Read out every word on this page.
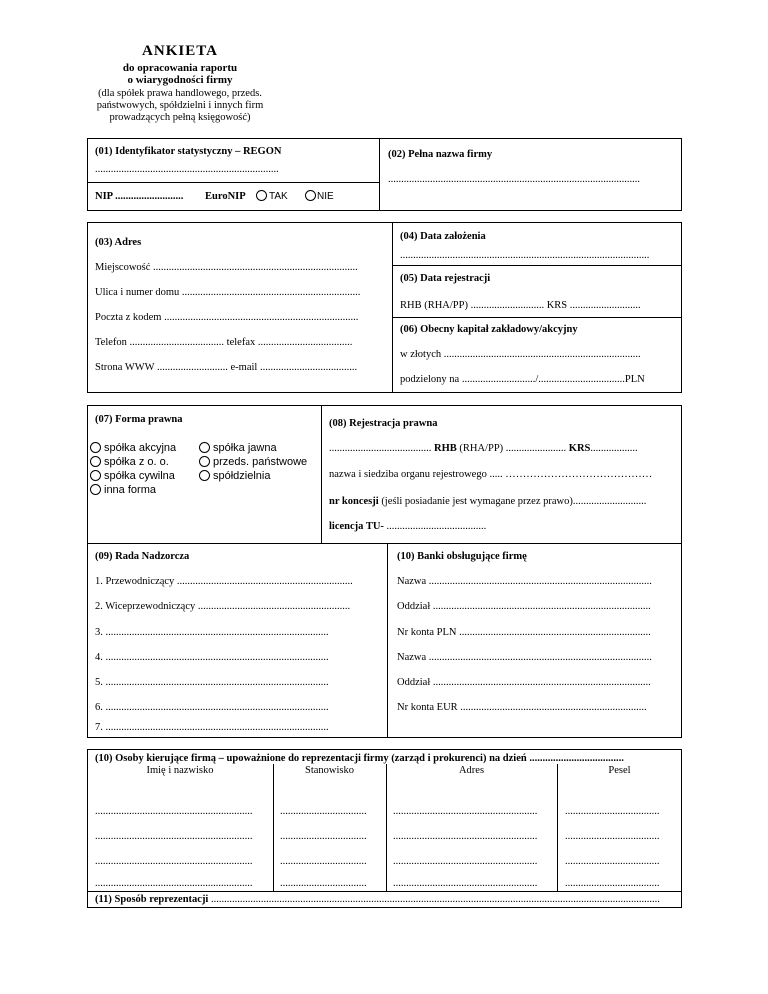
ANKIETA
do opracowania raportu
o wiarygodności firmy
(dla spółek prawa handlowego, przeds.
państwowych, spółdzielni i innych firm
prowadzących pełną księgowość)
(01) Identyfikator statystyczny – REGON
......................................................................
NIP .......................... EuroNIP TAK	NIE
(02) Pełna nazwa firmy
................................................................................................
(03) Adres
Miejscowość ..............................................................................
Ulica i numer domu ....................................................................
Poczta z kodem ..........................................................................
Telefon .................................... telefax ....................................
Strona WWW ........................... e-mail .....................................
(04) Data założenia
...............................................................................................
(05) Data rejestracji
RHB (RHA/PP) ............................ KRS ...........................
(06) Obecny kapitał zakładowy/akcyjny
w złotych ...........................................................................
podzielony na ............................/.................................PLN
(07) Forma prawna
spółka akcyjna
spółka z o. o.
spółka cywilna
inna forma
spółka jawna
przeds. państwowe
spółdzielnia
(08) Rejestracja prawna
....................................... RHB (RHA/PP) ....................... KRS..................
nazwa i siedziba organu rejestrowego ..... ……………………………………
nr koncesji (jeśli posiadanie jest wymagane przez prawo)............................
licencja TU- ......................................
(09) Rada Nadzorcza
1. Przewodniczący ...................................................................
2. Wiceprzewodniczący ..........................................................
3. .....................................................................................
4. .....................................................................................
5. .....................................................................................
6. .....................................................................................
7. .....................................................................................
(10) Banki obsługujące firmę
Nazwa .....................................................................................
Oddział ...................................................................................
Nr konta PLN .........................................................................
Nazwa .....................................................................................
Oddział ...................................................................................
Nr konta EUR .......................................................................
(10) Osoby kierujące firmą – upoważnione do reprezentacji firmy (zarząd i prokurenci) na dzień ....................................
Imię i nazwisko	Stanowisko	Adres	Pesel
............................................................	.................................	.......................................................	....................................
............................................................	.................................	.......................................................	....................................
............................................................	.................................	.......................................................	....................................
............................................................	.................................	.......................................................	....................................
(11) Sposób reprezentacji ...........................................................................................................................................................................
